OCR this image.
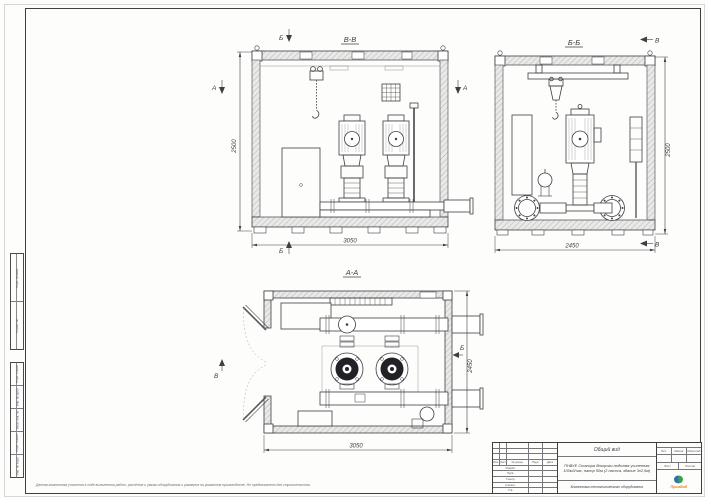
В-В
2500
3050
А	А
Б
Б
Б-Б
2500
2450
В
В
А-А
3050
2450
Б
В
Перв. примен.
Справ. №
Подп. и дата
Инв. № дубл.
Взам. инв. №
Подп. и дата
Инв. № подл.
Данная компоновка уточнена в ходе выполнения работ, расчётов и увязки оборудования и размеров на указанном производстве. Не предназначено для строительства.
Изм. Лист	№ докум.	Подп.	Дата
Разраб.
Пров.
Т.контр.
Н.контр.
Утв.
Общий вид
ПНВУЕ Станция Второго подъема усиленная
100м3/час, напор 50м (2 насоса, здание 3х2,5м)
Компоновка технологического оборудования
Лит.	Масса	Масштаб
Лист	Листов
ПромВод
